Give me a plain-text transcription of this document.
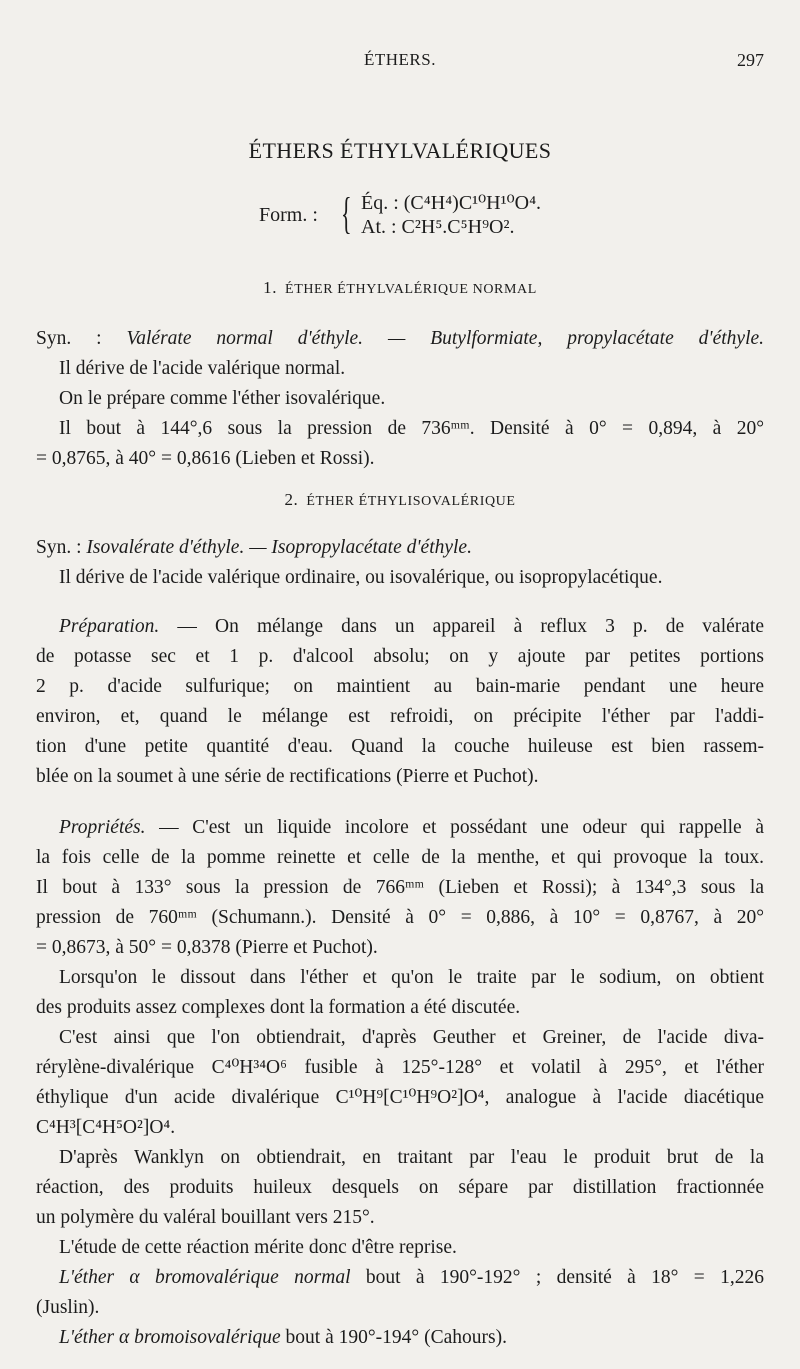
ÉTHERS.	297
ÉTHERS ÉTHYLVALÉRIQUES
Form. : { Éq. : (C⁴H⁴)C¹⁰H¹⁰O⁴.
At. : C²H⁵.C⁵H⁹O².
1. ÉTHER ÉTHYLVALÉRIQUE NORMAL
Syn. : Valérate normal d'éthyle. — Butylformiate, propylacétate d'éthyle.
Il dérive de l'acide valérique normal.
On le prépare comme l'éther isovalérique.
Il bout à 144°,6 sous la pression de 736ᵐᵐ. Densité à 0° = 0,894, à 20°
= 0,8765, à 40° = 0,8616 (Lieben et Rossi).
2. ÉTHER ÉTHYLISOVALÉRIQUE
Syn. : Isovalérate d'éthyle. — Isopropylacétate d'éthyle.
Il dérive de l'acide valérique ordinaire, ou isovalérique, ou isopropylacétique.
Préparation. — On mélange dans un appareil à reflux 3 p. de valérate
de potasse sec et 1 p. d'alcool absolu; on y ajoute par petites portions
2 p. d'acide sulfurique; on maintient au bain-marie pendant une heure
environ, et, quand le mélange est refroidi, on précipite l'éther par l'addi-
tion d'une petite quantité d'eau. Quand la couche huileuse est bien rassem-
blée on la soumet à une série de rectifications (Pierre et Puchot).
Propriétés. — C'est un liquide incolore et possédant une odeur qui rappelle à
la fois celle de la pomme reinette et celle de la menthe, et qui provoque la toux.
Il bout à 133° sous la pression de 766ᵐᵐ (Lieben et Rossi); à 134°,3 sous la
pression de 760ᵐᵐ (Schumann.). Densité à 0° = 0,886, à 10° = 0,8767, à 20°
= 0,8673, à 50° = 0,8378 (Pierre et Puchot).
Lorsqu'on le dissout dans l'éther et qu'on le traite par le sodium, on obtient
des produits assez complexes dont la formation a été discutée.
C'est ainsi que l'on obtiendrait, d'après Geuther et Greiner, de l'acide diva-
rérylène-divalérique C⁴⁰H³⁴O⁶ fusible à 125°-128° et volatil à 295°, et l'éther
éthylique d'un acide divalérique C¹⁰H⁹[C¹⁰H⁹O²]O⁴, analogue à l'acide diacétique
C⁴H³[C⁴H⁵O²]O⁴.
D'après Wanklyn on obtiendrait, en traitant par l'eau le produit brut de la
réaction, des produits huileux desquels on sépare par distillation fractionnée
un polymère du valéral bouillant vers 215°.
L'étude de cette réaction mérite donc d'être reprise.
L'éther α bromovalérique normal bout à 190°-192° ; densité à 18° = 1,226
(Juslin).
L'éther α bromoisovalérique bout à 190°-194° (Cahours).
